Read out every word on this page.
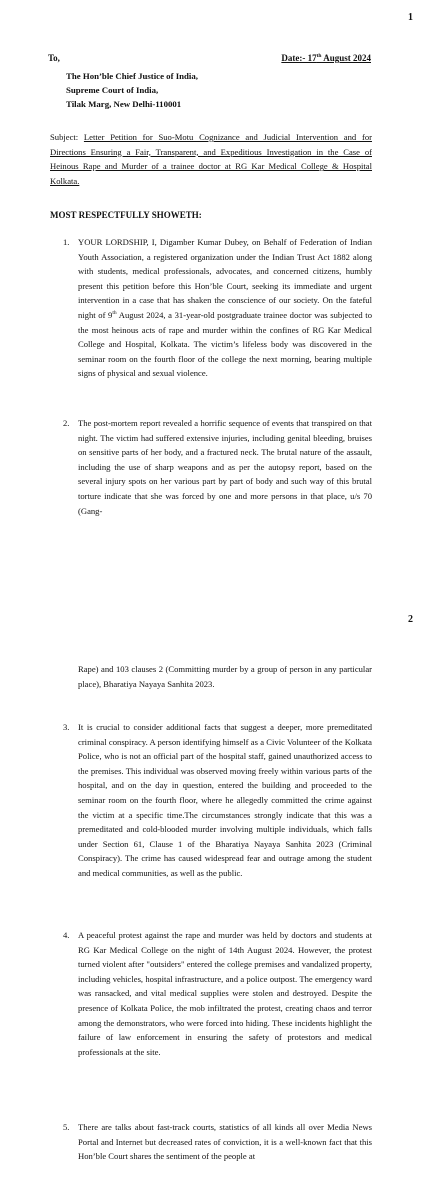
1
To,	Date:- 17th August 2024
The Hon’ble Chief Justice of India,
Supreme Court of India,
Tilak Marg, New Delhi-110001
Subject: Letter Petition for Suo-Motu Cognizance and Judicial Intervention and for Directions Ensuring a Fair, Transparent, and Expeditious Investigation in the Case of Heinous Rape and Murder of a trainee doctor at RG Kar Medical College & Hospital Kolkata.
MOST RESPECTFULLY SHOWETH:
1. YOUR LORDSHIP, I, Digamber Kumar Dubey, on Behalf of Federation of Indian Youth Association, a registered organization under the Indian Trust Act 1882 along with students, medical professionals, advocates, and concerned citizens, humbly present this petition before this Hon’ble Court, seeking its immediate and urgent intervention in a case that has shaken the conscience of our society. On the fateful night of 9th August 2024, a 31-year-old postgraduate trainee doctor was subjected to the most heinous acts of rape and murder within the confines of RG Kar Medical College and Hospital, Kolkata. The victim’s lifeless body was discovered in the seminar room on the fourth floor of the college the next morning, bearing multiple signs of physical and sexual violence.
2. The post-mortem report revealed a horrific sequence of events that transpired on that night. The victim had suffered extensive injuries, including genital bleeding, bruises on sensitive parts of her body, and a fractured neck. The brutal nature of the assault, including the use of sharp weapons and as per the autopsy report, based on the several injury spots on her various part by part of body and such way of this brutal torture indicate that she was forced by one and more persons in that place, u/s 70 (Gang-
2
Rape) and 103 clauses 2 (Committing murder by a group of person in any particular place), Bharatiya Nayaya Sanhita 2023.
3. It is crucial to consider additional facts that suggest a deeper, more premeditated criminal conspiracy. A person identifying himself as a Civic Volunteer of the Kolkata Police, who is not an official part of the hospital staff, gained unauthorized access to the premises. This individual was observed moving freely within various parts of the hospital, and on the day in question, entered the building and proceeded to the seminar room on the fourth floor, where he allegedly committed the crime against the victim at a specific time.The circumstances strongly indicate that this was a premeditated and cold-blooded murder involving multiple individuals, which falls under Section 61, Clause 1 of the Bharatiya Nayaya Sanhita 2023 (Criminal Conspiracy). The crime has caused widespread fear and outrage among the student and medical communities, as well as the public.
4. A peaceful protest against the rape and murder was held by doctors and students at RG Kar Medical College on the night of 14th August 2024. However, the protest turned violent after "outsiders" entered the college premises and vandalized property, including vehicles, hospital infrastructure, and a police outpost. The emergency ward was ransacked, and vital medical supplies were stolen and destroyed. Despite the presence of Kolkata Police, the mob infiltrated the protest, creating chaos and terror among the demonstrators, who were forced into hiding. These incidents highlight the failure of law enforcement in ensuring the safety of protestors and medical professionals at the site.
5. There are talks about fast-track courts, statistics of all kinds all over Media News Portal and Internet but decreased rates of conviction, it is a well-known fact that this Hon’ble Court shares the sentiment of the people at
